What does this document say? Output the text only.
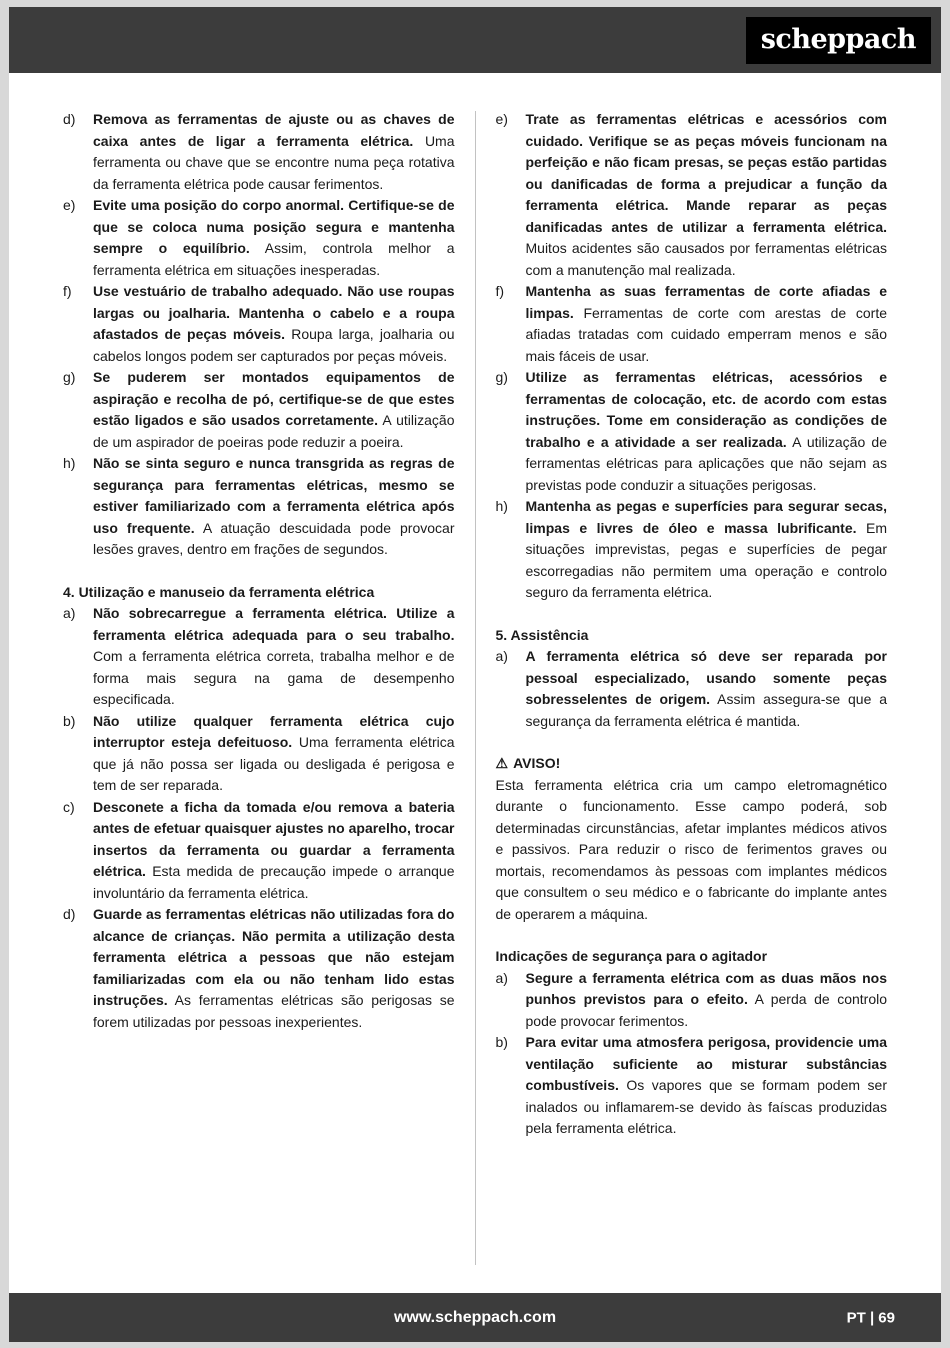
scheppach
d)	Remova as ferramentas de ajuste ou as chaves de caixa antes de ligar a ferramenta elétrica. Uma ferramenta ou chave que se encontre numa peça rotativa da ferramenta elétrica pode causar ferimentos.
e)	Evite uma posição do corpo anormal. Certifique-se de que se coloca numa posição segura e mantenha sempre o equilíbrio. Assim, controla melhor a ferramenta elétrica em situações inesperadas.
f)	Use vestuário de trabalho adequado. Não use roupas largas ou joalharia. Mantenha o cabelo e a roupa afastados de peças móveis. Roupa larga, joalharia ou cabelos longos podem ser capturados por peças móveis.
g)	Se puderem ser montados equipamentos de aspiração e recolha de pó, certifique-se de que estes estão ligados e são usados corretamente. A utilização de um aspirador de poeiras pode reduzir a poeira.
h)	Não se sinta seguro e nunca transgrida as regras de segurança para ferramentas elétricas, mesmo se estiver familiarizado com a ferramenta elétrica após uso frequente. A atuação descuidada pode provocar lesões graves, dentro em frações de segundos.
4. Utilização e manuseio da ferramenta elétrica
a)	Não sobrecarregue a ferramenta elétrica. Utilize a ferramenta elétrica adequada para o seu trabalho. Com a ferramenta elétrica correta, trabalha melhor e de forma mais segura na gama de desempenho especificada.
b)	Não utilize qualquer ferramenta elétrica cujo interruptor esteja defeituoso. Uma ferramenta elétrica que já não possa ser ligada ou desligada é perigosa e tem de ser reparada.
c)	Desconete a ficha da tomada e/ou remova a bateria antes de efetuar quaisquer ajustes no aparelho, trocar insertos da ferramenta ou guardar a ferramenta elétrica. Esta medida de precaução impede o arranque involuntário da ferramenta elétrica.
d)	Guarde as ferramentas elétricas não utilizadas fora do alcance de crianças. Não permita a utilização desta ferramenta elétrica a pessoas que não estejam familiarizadas com ela ou não tenham lido estas instruções. As ferramentas elétricas são perigosas se forem utilizadas por pessoas inexperientes.
e)	Trate as ferramentas elétricas e acessórios com cuidado. Verifique se as peças móveis funcionam na perfeição e não ficam presas, se peças estão partidas ou danificadas de forma a prejudicar a função da ferramenta elétrica. Mande reparar as peças danificadas antes de utilizar a ferramenta elétrica. Muitos acidentes são causados por ferramentas elétricas com a manutenção mal realizada.
f)	Mantenha as suas ferramentas de corte afiadas e limpas. Ferramentas de corte com arestas de corte afiadas tratadas com cuidado emperram menos e são mais fáceis de usar.
g)	Utilize as ferramentas elétricas, acessórios e ferramentas de colocação, etc. de acordo com estas instruções. Tome em consideração as condições de trabalho e a atividade a ser realizada. A utilização de ferramentas elétricas para aplicações que não sejam as previstas pode conduzir a situações perigosas.
h)	Mantenha as pegas e superfícies para segurar secas, limpas e livres de óleo e massa lubrificante. Em situações imprevistas, pegas e superfícies de pegar escorregadias não permitem uma operação e controlo seguro da ferramenta elétrica.
5. Assistência
a)	A ferramenta elétrica só deve ser reparada por pessoal especializado, usando somente peças sobresselentes de origem. Assim assegura-se que a segurança da ferramenta elétrica é mantida.
⚠ AVISO!

Esta ferramenta elétrica cria um campo eletromagnético durante o funcionamento. Esse campo poderá, sob determinadas circunstâncias, afetar implantes médicos ativos e passivos. Para reduzir o risco de ferimentos graves ou mortais, recomendamos às pessoas com implantes médicos que consultem o seu médico e o fabricante do implante antes de operarem a máquina.

Indicações de segurança para o agitador
a)	Segure a ferramenta elétrica com as duas mãos nos punhos previstos para o efeito. A perda de controlo pode provocar ferimentos.
b)	Para evitar uma atmosfera perigosa, providencie uma ventilação suficiente ao misturar substâncias combustíveis. Os vapores que se formam podem ser inalados ou inflamarem-se devido às faíscas produzidas pela ferramenta elétrica.
www.scheppach.com	PT | 69
